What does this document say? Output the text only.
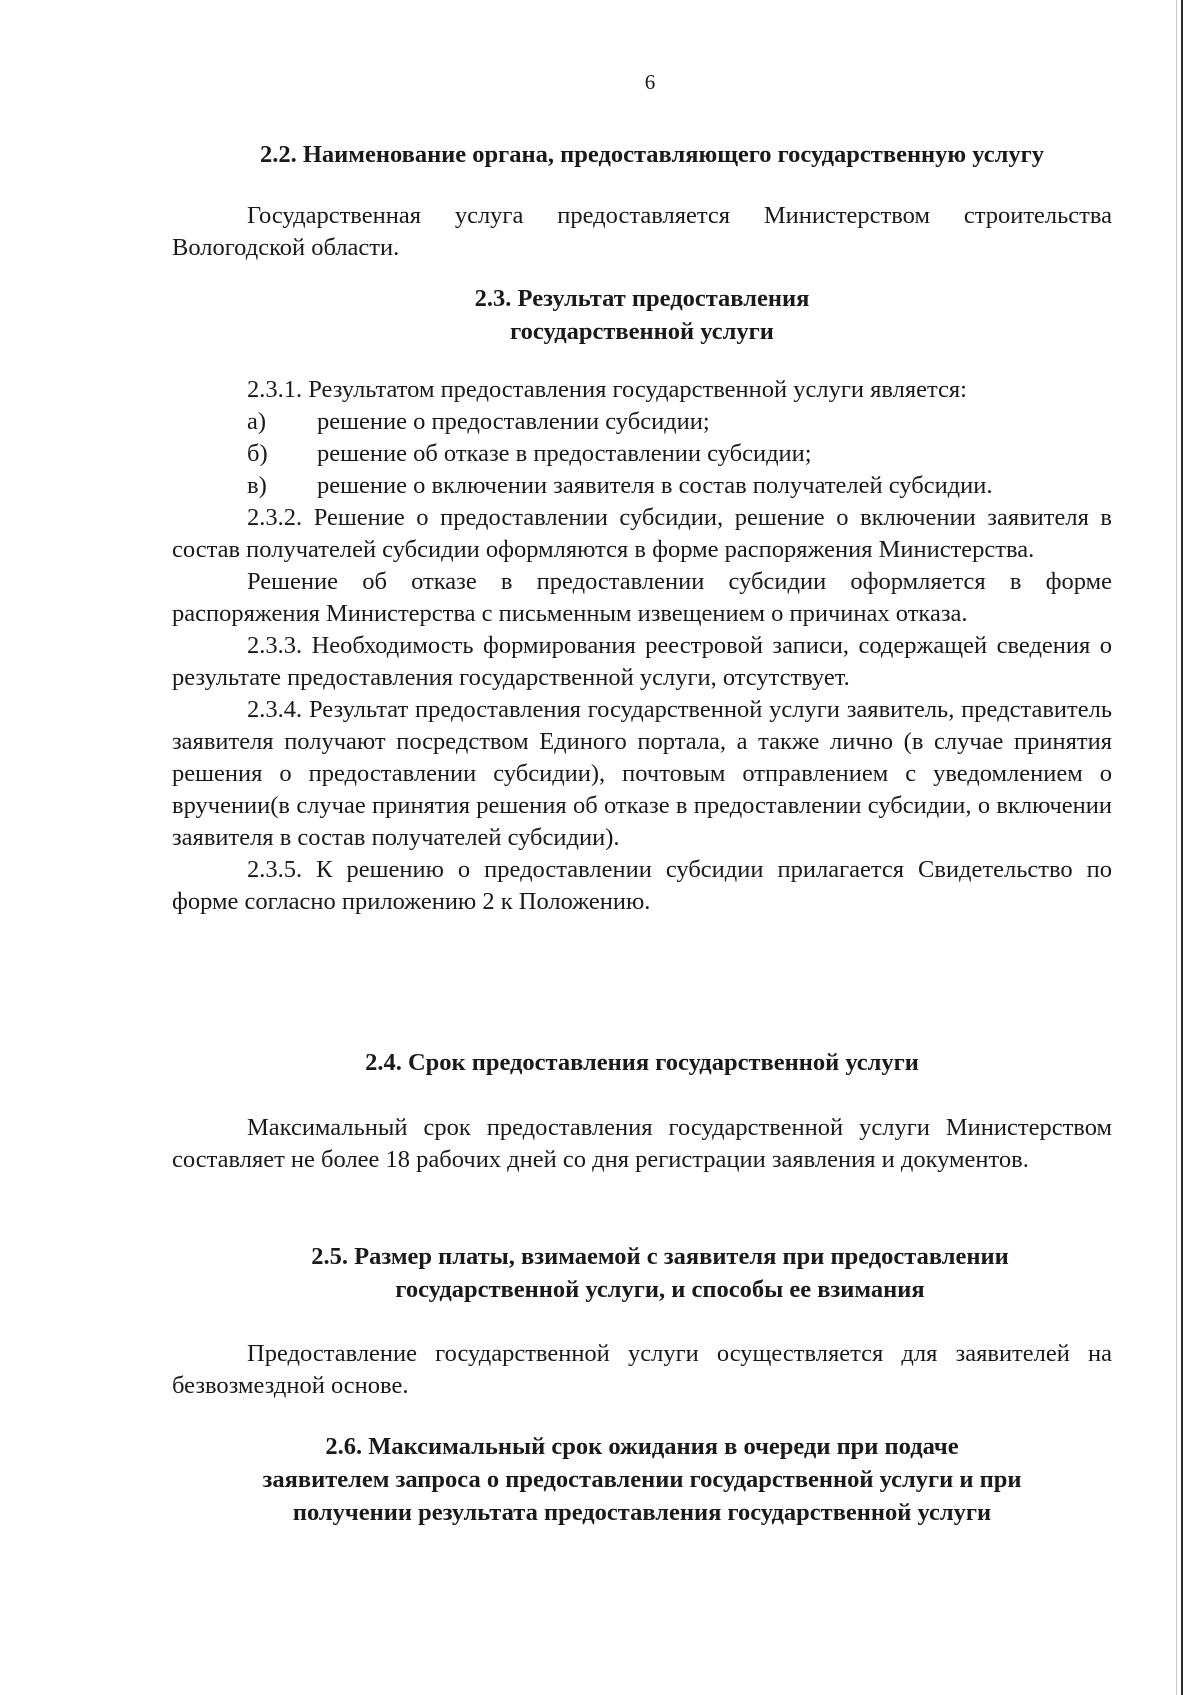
6
2.2. Наименование органа, предоставляющего государственную услугу

Государственная услуга предоставляется Министерством строительства Вологодской области.

2.3. Результат предоставления
государственной услуги

2.3.1. Результатом предоставления государственной услуги является:

а)	решение о предоставлении субсидии;
б)	решение об отказе в предоставлении субсидии;
в)	решение о включении заявителя в состав получателей субсидии.

2.3.2. Решение о предоставлении субсидии, решение о включении заявителя в состав получателей субсидии оформляются в форме распоряжения Министерства.

Решение об отказе в предоставлении субсидии оформляется в форме распоряжения Министерства с письменным извещением о причинах отказа.

2.3.3. Необходимость формирования реестровой записи, содержащей сведения о результате предоставления государственной услуги, отсутствует.

2.3.4. Результат предоставления государственной услуги заявитель, представитель заявителя получают посредством Единого портала, а также лично (в случае принятия решения о предоставлении субсидии), почтовым отправлением с уведомлением о вручении(в случае принятия решения об отказе в предоставлении субсидии, о включении заявителя в состав получателей субсидии).

2.3.5. К решению о предоставлении субсидии прилагается Свидетельство по форме согласно приложению 2 к Положению.

2.4. Срок предоставления государственной услуги

Максимальный срок предоставления государственной услуги Министерством составляет не более 18 рабочих дней со дня регистрации заявления и документов.

2.5. Размер платы, взимаемой с заявителя при предоставлении
государственной услуги, и способы ее взимания

Предоставление государственной услуги осуществляется для заявителей на безвозмездной основе.

2.6. Максимальный срок ожидания в очереди при подаче
заявителем запроса о предоставлении государственной услуги и при
получении результата предоставления государственной услуги
